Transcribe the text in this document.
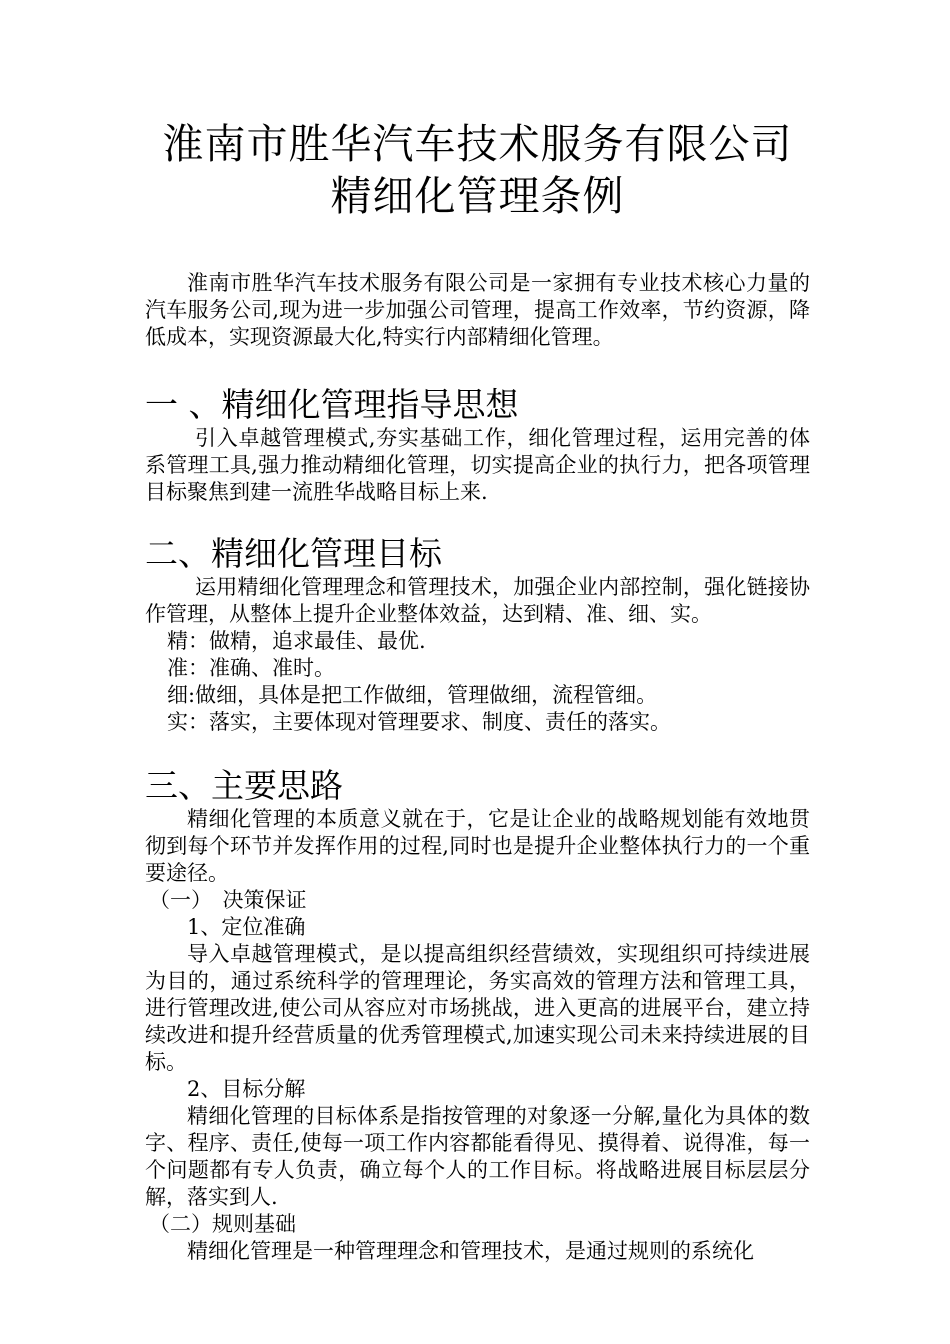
淮南市胜华汽车技术服务有限公司
精细化管理条例

淮南市胜华汽车技术服务有限公司是一家拥有专业技术核心力量的汽车服务公司,现为进一步加强公司管理，提高工作效率，节约资源，降低成本，实现资源最大化,特实行内部精细化管理。

一 、精细化管理指导思想

引入卓越管理模式,夯实基础工作，细化管理过程，运用完善的体系管理工具,强力推动精细化管理，切实提高企业的执行力，把各项管理目标聚焦到建一流胜华战略目标上来.

二、精细化管理目标

运用精细化管理理念和管理技术，加强企业内部控制，强化链接协作管理，从整体上提升企业整体效益，达到精、准、细、实。

精：做精，追求最佳、最优.

准：准确、准时。

细:做细，具体是把工作做细，管理做细，流程管细。

实：落实，主要体现对管理要求、制度、责任的落实。

三、主要思路

精细化管理的本质意义就在于，它是让企业的战略规划能有效地贯彻到每个环节并发挥作用的过程,同时也是提升企业整体执行力的一个重要途径。

（一）　决策保证

1、定位准确

导入卓越管理模式，是以提高组织经营绩效，实现组织可持续进展为目的，通过系统科学的管理理论，务实高效的管理方法和管理工具，进行管理改进,使公司从容应对市场挑战，进入更高的进展平台，建立持续改进和提升经营质量的优秀管理模式,加速实现公司未来持续进展的目标。

2、目标分解

精细化管理的目标体系是指按管理的对象逐一分解,量化为具体的数字、程序、责任,使每一项工作内容都能看得见、摸得着、说得准，每一个问题都有专人负责，确立每个人的工作目标。将战略进展目标层层分解，落实到人.

（二）规则基础

精细化管理是一种管理理念和管理技术，是通过规则的系统化
